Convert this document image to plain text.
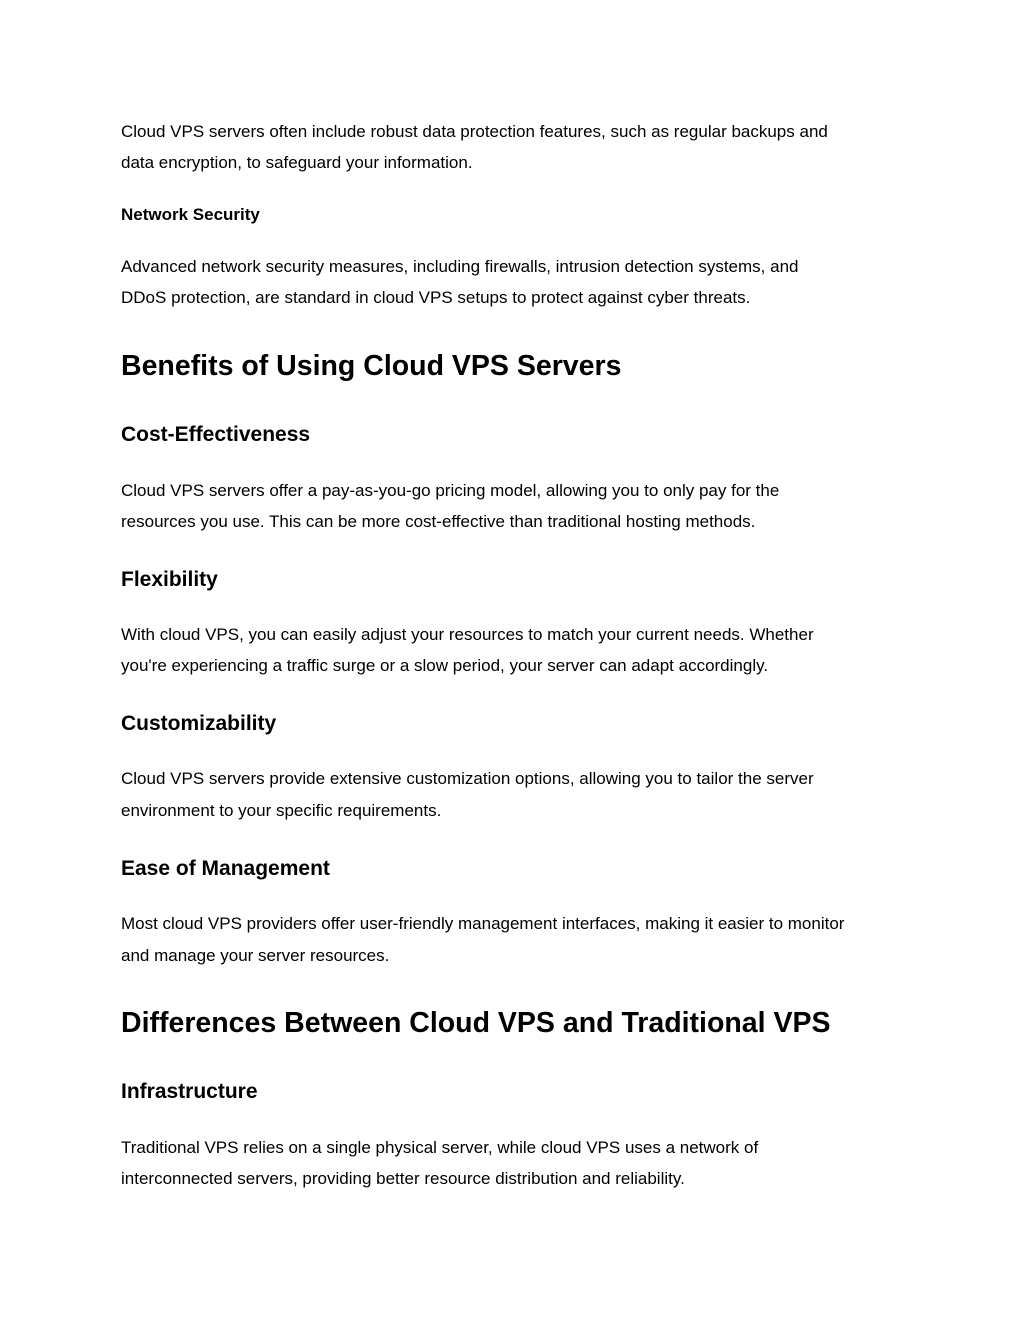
Cloud VPS servers often include robust data protection features, such as regular backups and

data encryption, to safeguard your information.

Network Security

Advanced network security measures, including firewalls, intrusion detection systems, and

DDoS protection, are standard in cloud VPS setups to protect against cyber threats.

Benefits of Using Cloud VPS Servers
Cost-Effectiveness

Cloud VPS servers offer a pay-as-you-go pricing model, allowing you to only pay for the

resources you use. This can be more cost-effective than traditional hosting methods.

Flexibility

With cloud VPS, you can easily adjust your resources to match your current needs. Whether

you're experiencing a traffic surge or a slow period, your server can adapt accordingly.

Customizability

Cloud VPS servers provide extensive customization options, allowing you to tailor the server

environment to your specific requirements.

Ease of Management

Most cloud VPS providers offer user-friendly management interfaces, making it easier to monitor

and manage your server resources.

Differences Between Cloud VPS and Traditional VPS
Infrastructure

Traditional VPS relies on a single physical server, while cloud VPS uses a network of

interconnected servers, providing better resource distribution and reliability.
